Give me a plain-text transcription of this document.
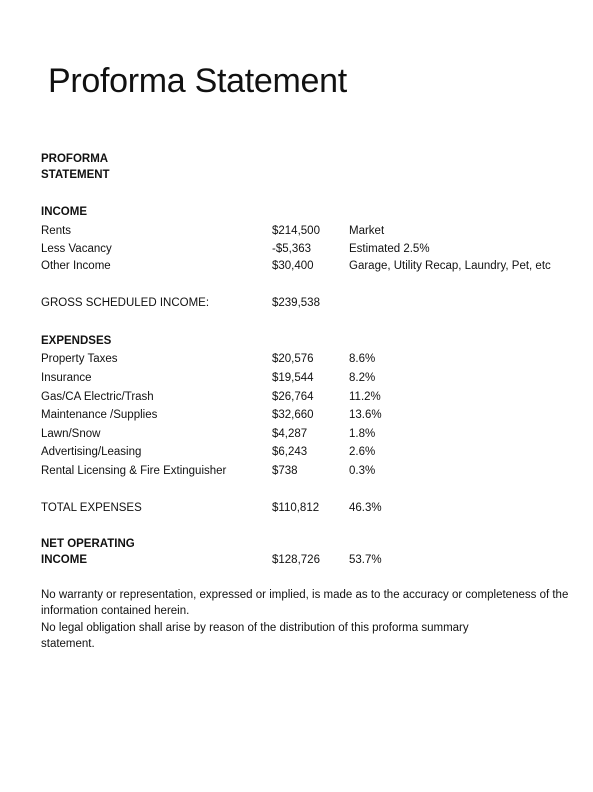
Proforma Statement
PROFORMA
STATEMENT
INCOME
Rents	$214,500	Market
Less Vacancy	-$5,363	Estimated 2.5%
Other Income	$30,400	Garage, Utility Recap, Laundry, Pet, etc
GROSS SCHEDULED INCOME:	$239,538
EXPENDSES
Property Taxes	$20,576	8.6%
Insurance	$19,544	8.2%
Gas/CA Electric/Trash	$26,764	11.2%
Maintenance /Supplies	$32,660	13.6%
Lawn/Snow	$4,287	1.8%
Advertising/Leasing	$6,243	2.6%
Rental Licensing & Fire Extinguisher	$738	0.3%
TOTAL EXPENSES	$110,812	46.3%
NET OPERATING
INCOME	$128,726	53.7%
No warranty or representation, expressed or implied, is made as to the accuracy or completeness of the information contained herein.
No legal obligation shall arise by reason of the distribution of this proforma summary statement.
